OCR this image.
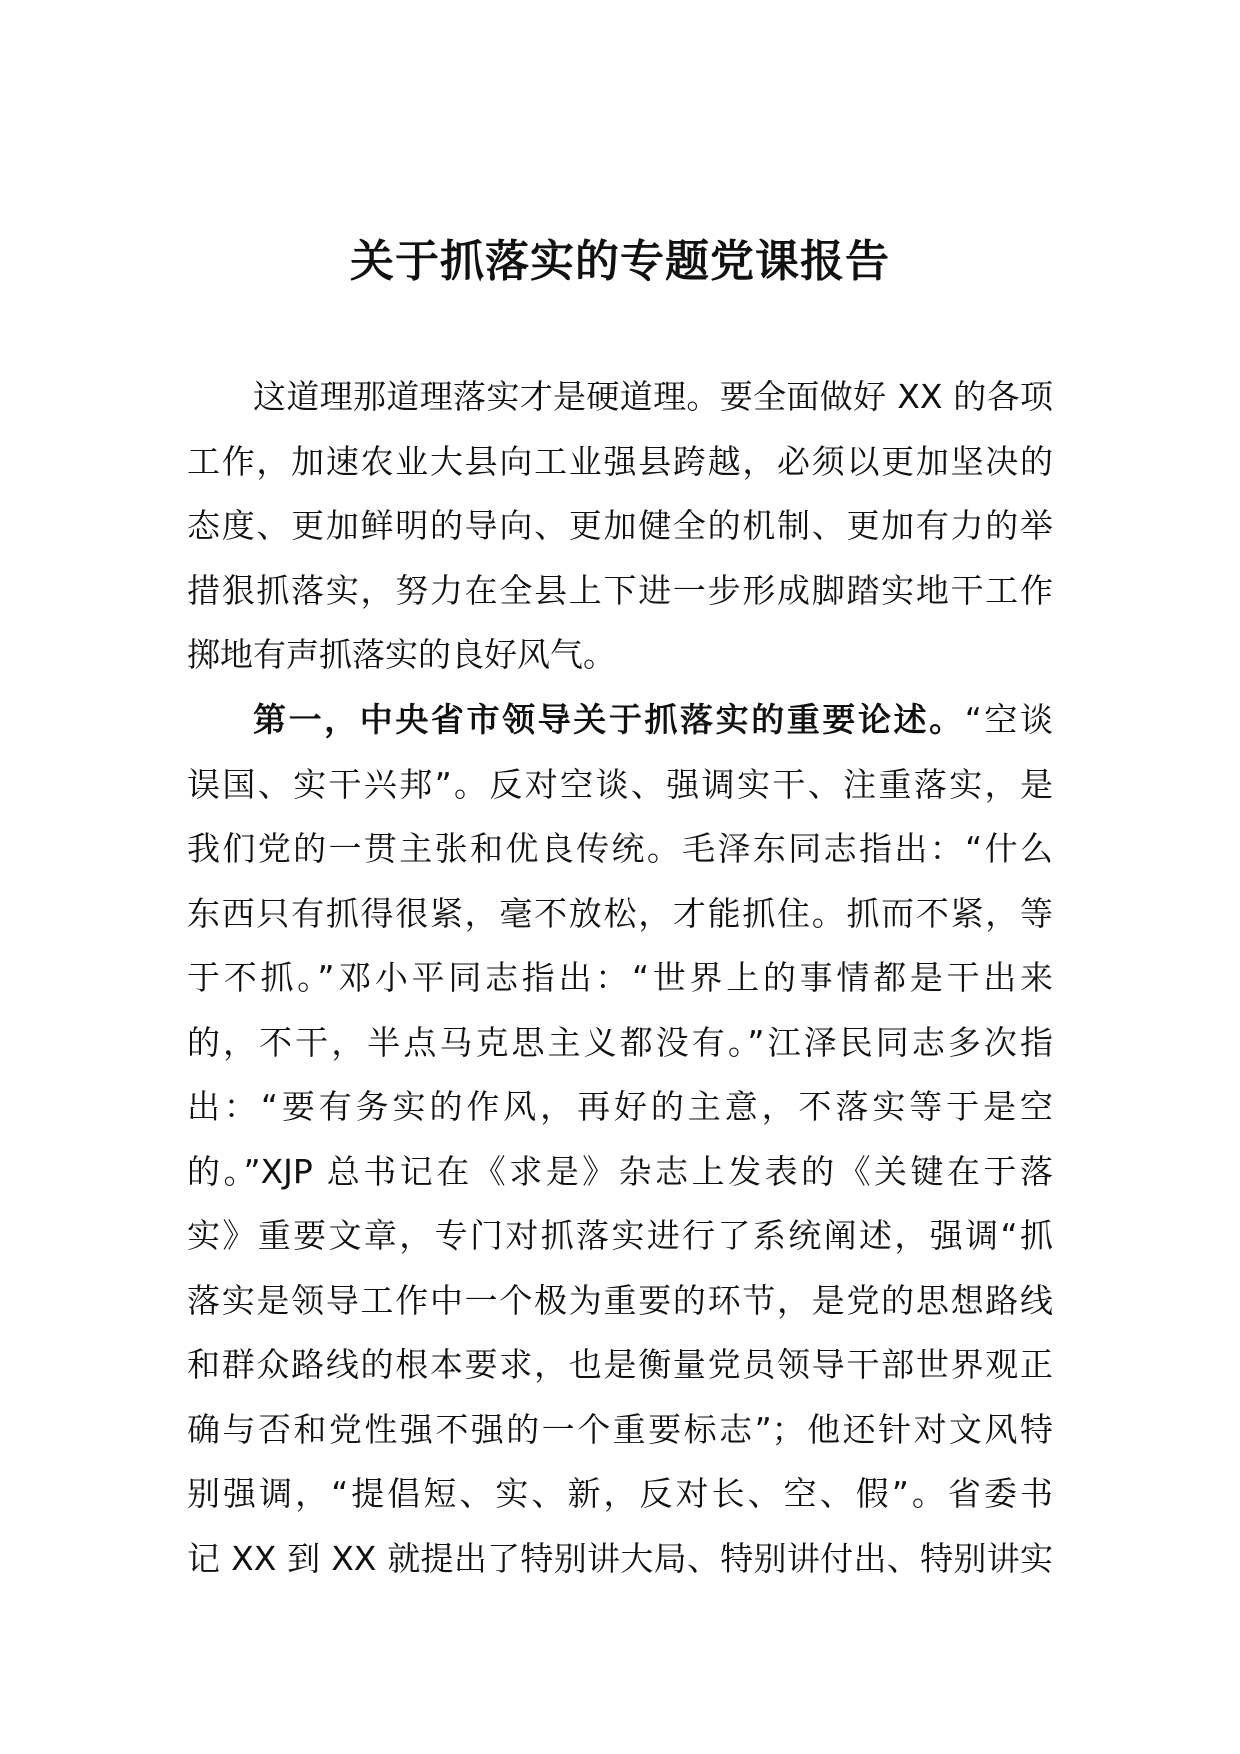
关于抓落实的专题党课报告
这道理那道理落实才是硬道理。要全面做好 XX 的各项
工作，加速农业大县向工业强县跨越，必须以更加坚决的
态度、更加鲜明的导向、更加健全的机制、更加有力的举
措狠抓落实，努力在全县上下进一步形成脚踏实地干工作
掷地有声抓落实的良好风气。
第一，中央省市领导关于抓落实的重要论述。“空谈
误国、实干兴邦”。反对空谈、强调实干、注重落实，是
我们党的一贯主张和优良传统。毛泽东同志指出：“什么
东西只有抓得很紧，毫不放松，才能抓住。抓而不紧，等
于不抓。”邓小平同志指出：“世界上的事情都是干出来
的，不干，半点马克思主义都没有。”江泽民同志多次指
出：“要有务实的作风，再好的主意，不落实等于是空
的。”XJP 总书记在《求是》杂志上发表的《关键在于落
实》重要文章，专门对抓落实进行了系统阐述，强调“抓
落实是领导工作中一个极为重要的环节，是党的思想路线
和群众路线的根本要求，也是衡量党员领导干部世界观正
确与否和党性强不强的一个重要标志”；他还针对文风特
别强调，“提倡短、实、新，反对长、空、假”。省委书
记 XX 到 XX 就提出了特别讲大局、特别讲付出、特别讲实
